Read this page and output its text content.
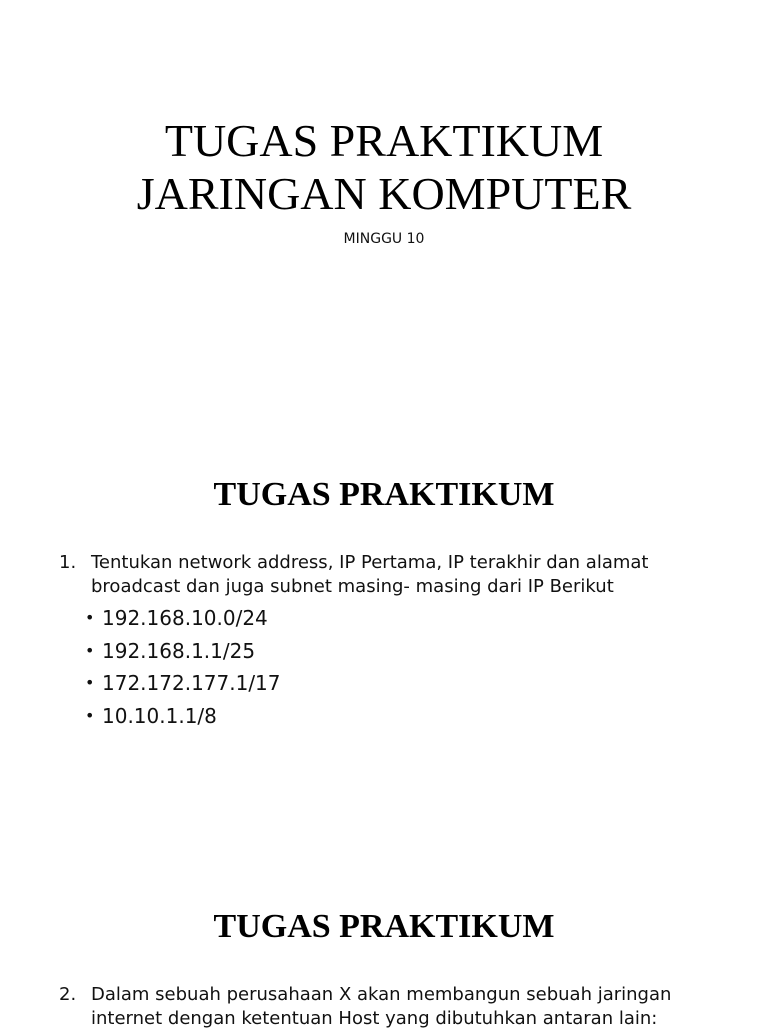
TUGAS PRAKTIKUM
JARINGAN KOMPUTER
MINGGU 10
TUGAS PRAKTIKUM
1. Tentukan network address, IP Pertama, IP terakhir dan alamat broadcast dan juga subnet masing- masing dari IP Berikut
• 192.168.10.0/24
• 192.168.1.1/25
• 172.172.177.1/17
• 10.10.1.1/8
TUGAS PRAKTIKUM
2. Dalam sebuah perusahaan X akan membangun sebuah jaringan internet dengan ketentuan Host yang dibutuhkan antaran lain:
